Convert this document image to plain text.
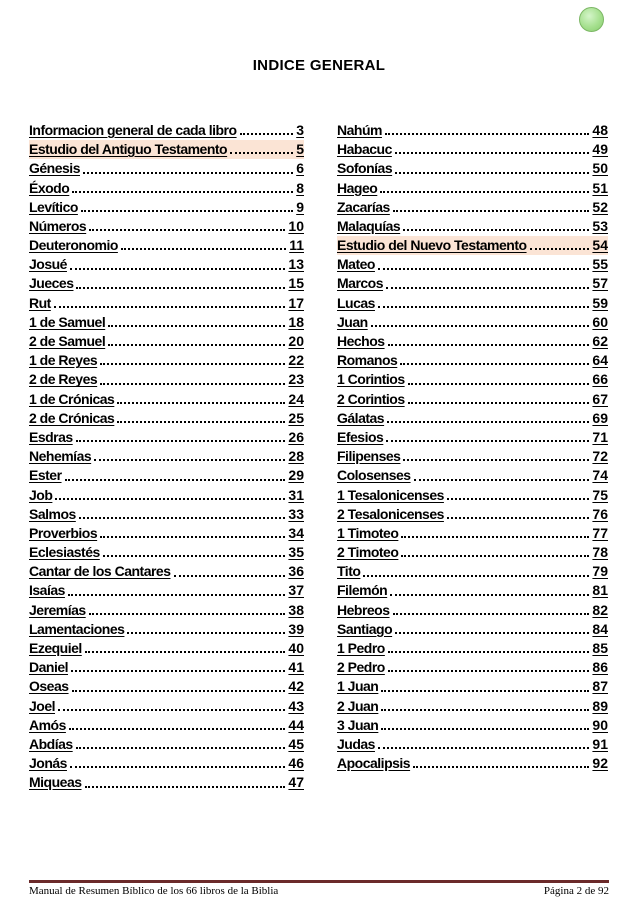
INDICE GENERAL
Informacion general de cada libro	3
Estudio del Antiguo Testamento	5
Génesis	6
Éxodo	8
Levítico	9
Números	10
Deuteronomio	11
Josué	13
Jueces	15
Rut	17
1 de Samuel	18
2 de Samuel	20
1 de Reyes	22
2 de Reyes	23
1 de Crónicas	24
2 de Crónicas	25
Esdras	26
Nehemías	28
Ester	29
Job	31
Salmos	33
Proverbios	34
Eclesiastés	35
Cantar de los Cantares	36
Isaías	37
Jeremías	38
Lamentaciones	39
Ezequiel	40
Daniel	41
Oseas	42
Joel	43
Amós	44
Abdías	45
Jonás	46
Miqueas	47
Nahúm	48
Habacuc	49
Sofonías	50
Hageo	51
Zacarías	52
Malaquías	53
Estudio del Nuevo Testamento	54
Mateo	55
Marcos	57
Lucas	59
Juan	60
Hechos	62
Romanos	64
1 Corintios	66
2 Corintios	67
Gálatas	69
Efesios	71
Filipenses	72
Colosenses	74
1 Tesalonicenses	75
2 Tesalonicenses	76
1 Timoteo	77
2 Timoteo	78
Tito	79
Filemón	81
Hebreos	82
Santiago	84
1 Pedro	85
2 Pedro	86
1 Juan	87
2 Juan	89
3 Juan	90
Judas	91
Apocalipsis	92
Manual de Resumen Bíblico de los 66 libros de la Biblia	Página 2 de 92
